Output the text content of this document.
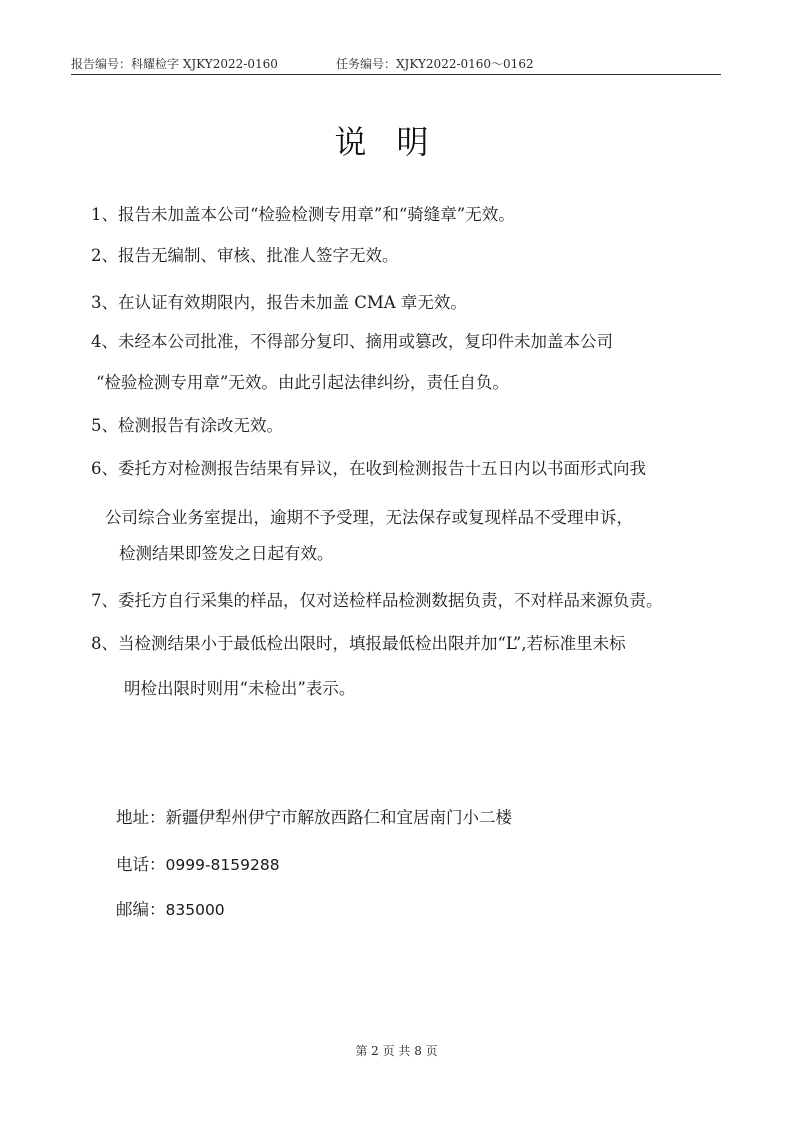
报告编号：科耀检字 XJKY2022-0160	任务编号：XJKY2022-0160～0162
说明
1、报告未加盖本公司“检验检测专用章”和“骑缝章”无效。
2、报告无编制、审核、批准人签字无效。
3、在认证有效期限内，报告未加盖 CMA 章无效。
4、未经本公司批准，不得部分复印、摘用或篡改，复印件未加盖本公司
“检验检测专用章”无效。由此引起法律纠纷，责任自负。
5、检测报告有涂改无效。
6、委托方对检测报告结果有异议，在收到检测报告十五日内以书面形式向我
公司综合业务室提出，逾期不予受理，无法保存或复现样品不受理申诉，
检测结果即签发之日起有效。
7、委托方自行采集的样品，仅对送检样品检测数据负责，不对样品来源负责。
8、当检测结果小于最低检出限时，填报最低检出限并加“L”,若标准里未标
明检出限时则用“未检出”表示。
地址：新疆伊犁州伊宁市解放西路仁和宜居南门小二楼
电话：0999-8159288
邮编：835000
第 2 页 共 8 页
